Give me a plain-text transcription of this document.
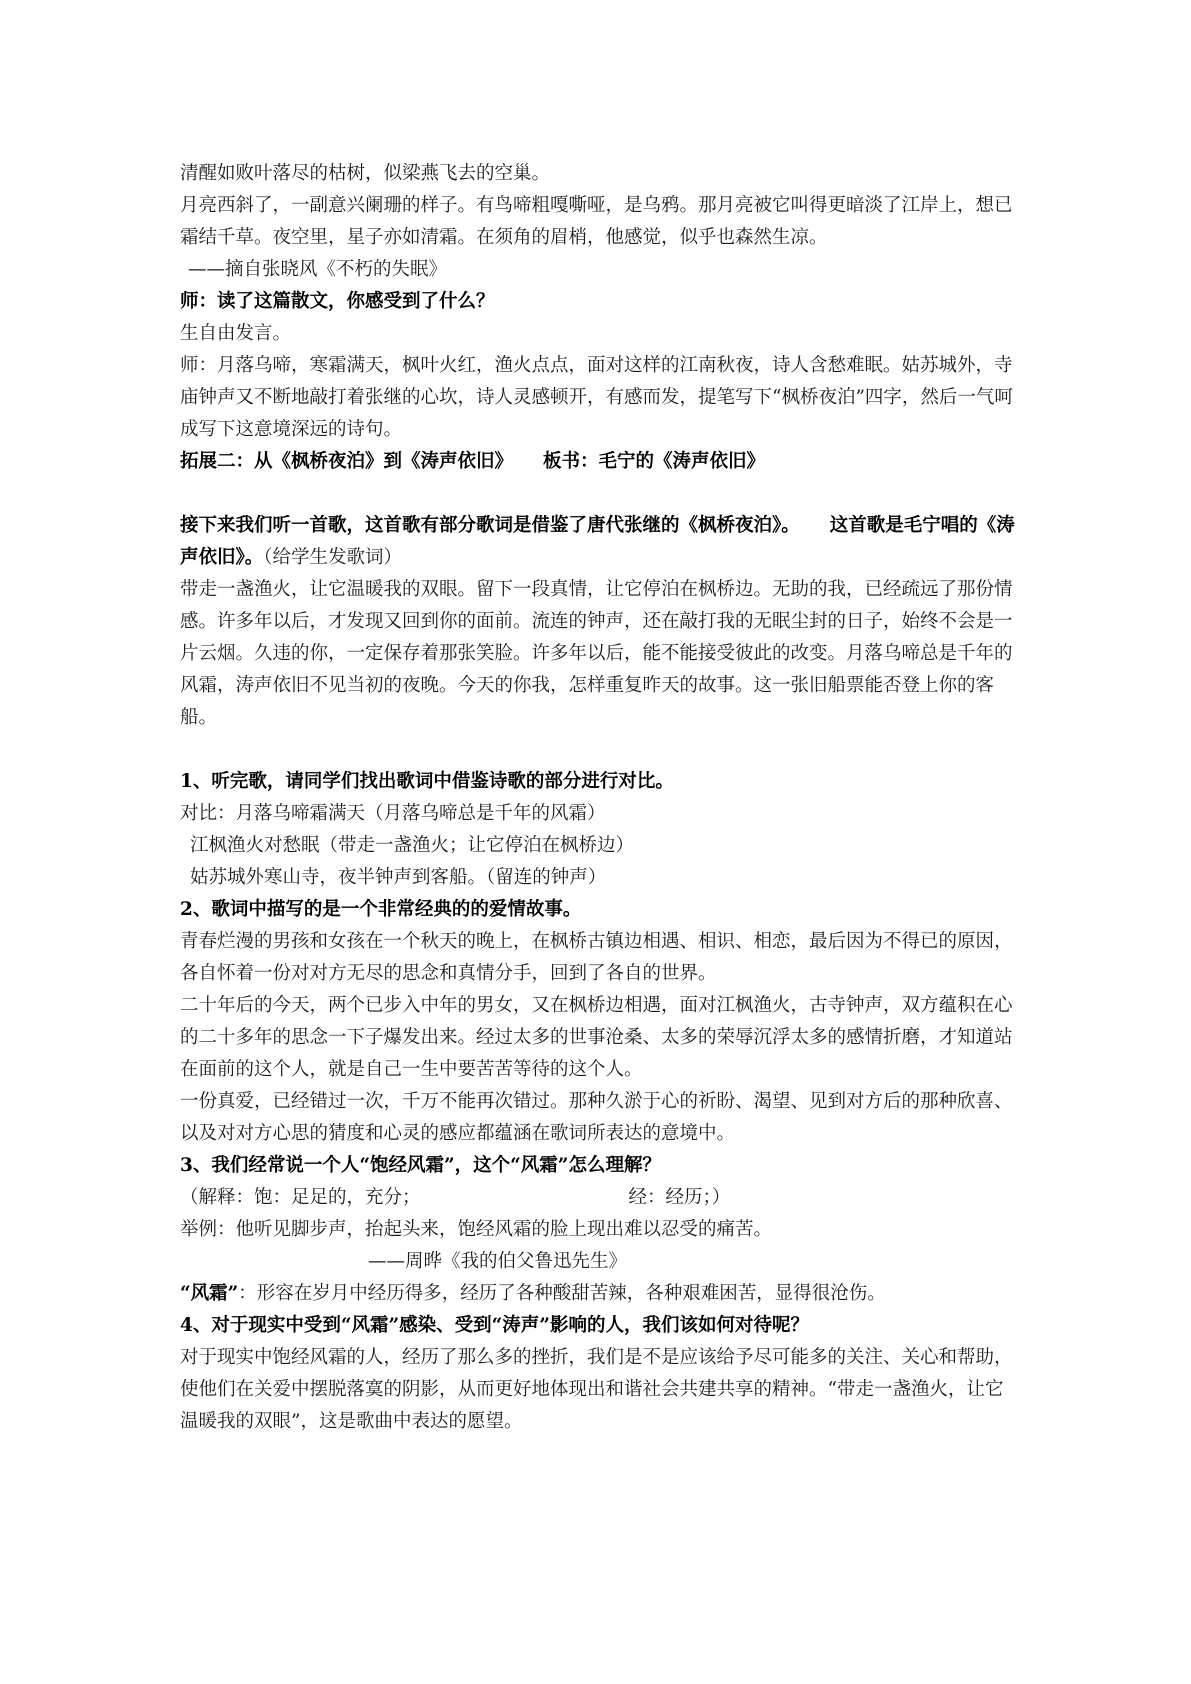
清醒如败叶落尽的枯树，似梁燕飞去的空巢。

月亮西斜了，一副意兴阑珊的样子。有鸟啼粗嘎嘶哑，是乌鸦。那月亮被它叫得更暗淡了江岸上，想已霜结千草。夜空里，星子亦如清霜。在须角的眉梢，他感觉，似乎也森然生凉。

——摘自张晓风《不朽的失眠》

师：读了这篇散文，你感受到了什么？

生自由发言。

师：月落乌啼，寒霜满天，枫叶火红，渔火点点，面对这样的江南秋夜，诗人含愁难眠。姑苏城外，寺庙钟声又不断地敲打着张继的心坎，诗人灵感顿开，有感而发，提笔写下“枫桥夜泊”四字，然后一气呵成写下这意境深远的诗句。

拓展二：从《枫桥夜泊》到《涛声依旧》 板书：毛宁的《涛声依旧》

接下来我们听一首歌，这首歌有部分歌词是借鉴了唐代张继的《枫桥夜泊》。 这首歌是毛宁唱的《涛声依旧》。（给学生发歌词）

带走一盏渔火，让它温暖我的双眼。留下一段真情，让它停泊在枫桥边。无助的我，已经疏远了那份情感。许多年以后，才发现又回到你的面前。流连的钟声，还在敲打我的无眠尘封的日子，始终不会是一片云烟。久违的你，一定保存着那张笑脸。许多年以后，能不能接受彼此的改变。月落乌啼总是千年的风霜，涛声依旧不见当初的夜晚。今天的你我，怎样重复昨天的故事。这一张旧船票能否登上你的客船。

1、听完歌，请同学们找出歌词中借鉴诗歌的部分进行对比。

对比：月落乌啼霜满天（月落乌啼总是千年的风霜）

江枫渔火对愁眠（带走一盏渔火；让它停泊在枫桥边）

姑苏城外寒山寺，夜半钟声到客船。（留连的钟声）

2、歌词中描写的是一个非常经典的的爱情故事。

青春烂漫的男孩和女孩在一个秋天的晚上，在枫桥古镇边相遇、相识、相恋，最后因为不得已的原因，各自怀着一份对对方无尽的思念和真情分手，回到了各自的世界。

二十年后的今天，两个已步入中年的男女，又在枫桥边相遇，面对江枫渔火，古寺钟声，双方蕴积在心的二十多年的思念一下子爆发出来。经过太多的世事沧桑、太多的荣辱沉浮太多的感情折磨，才知道站在面前的这个人，就是自己一生中要苦苦等待的这个人。

一份真爱，已经错过一次，千万不能再次错过。那种久淤于心的祈盼、渴望、见到对方后的那种欣喜、以及对对方心思的猜度和心灵的感应都蕴涵在歌词所表达的意境中。

3、我们经常说一个人“饱经风霜”，这个“风霜”怎么理解？

（解释：饱：足足的，充分；	经：经历；）

举例：他听见脚步声，抬起头来，饱经风霜的脸上现出难以忍受的痛苦。

——周晔《我的伯父鲁迅先生》

“风霜”：形容在岁月中经历得多，经历了各种酸甜苦辣，各种艰难困苦，显得很沧伤。

4、对于现实中受到“风霜”感染、受到“涛声”影响的人，我们该如何对待呢？

对于现实中饱经风霜的人，经历了那么多的挫折，我们是不是应该给予尽可能多的关注、关心和帮助，使他们在关爱中摆脱落寞的阴影，从而更好地体现出和谐社会共建共享的精神。“带走一盏渔火，让它温暖我的双眼”，这是歌曲中表达的愿望。
